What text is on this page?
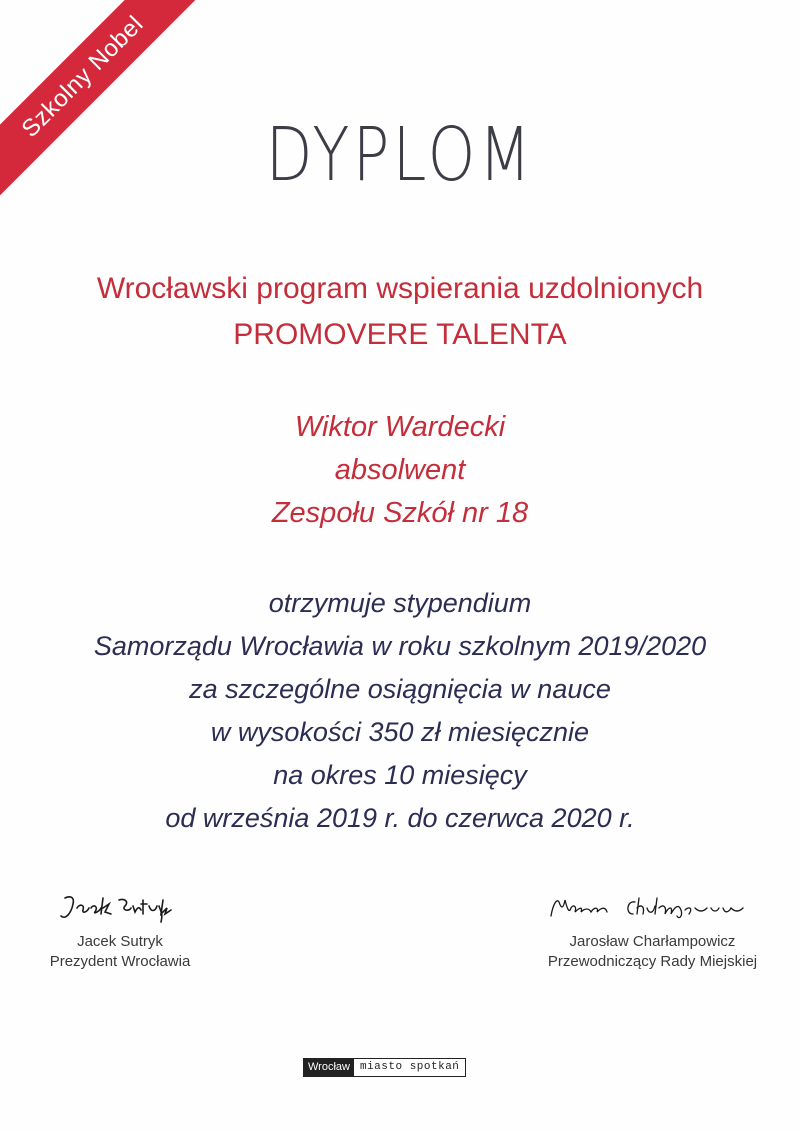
Szkolny Nobel
DYPLOM
Wrocławski program wspierania uzdolnionych
PROMOVERE TALENTA
Wiktor Wardecki
absolwent
Zespołu Szkół nr 18
otrzymuje stypendium
Samorządu Wrocławia w roku szkolnym 2019/2020
za szczególne osiągnięcia w nauce
w wysokości 350 zł miesięcznie
na okres 10 miesięcy
od września 2019 r. do czerwca 2020 r.
Jacek Sutryk
Prezydent Wrocławia
Jarosław Charłampowicz
Przewodniczący Rady Miejskiej
Wrocław miasto spotkań
